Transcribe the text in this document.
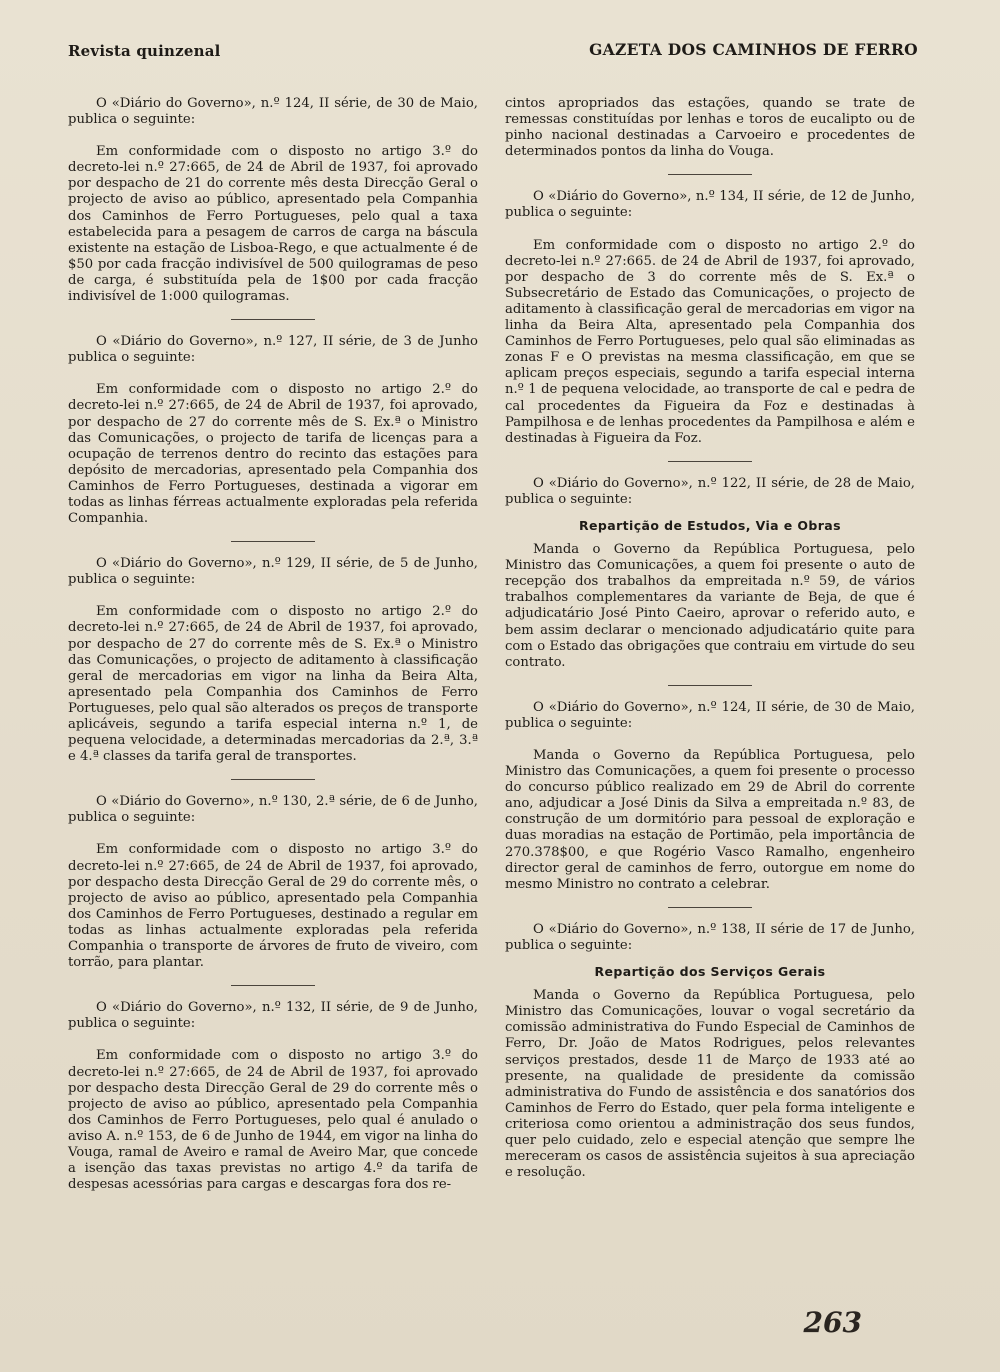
Revista quinzenal	GAZETA DOS CAMINHOS DE FERRO

O «Diário do Governo», n.º 124, II série, de 30 de Maio, publica o seguinte:

Em conformidade com o disposto no artigo 3.º do decreto-lei n.º 27:665, de 24 de Abril de 1937, foi aprovado por despacho de 21 do corrente mês desta Direcção Geral o projecto de aviso ao público, apresentado pela Companhia dos Caminhos de Ferro Portugueses, pelo qual a taxa estabelecida para a pesagem de carros de carga na báscula existente na estação de Lisboa-Rego, e que actualmente é de $50 por cada fracção indivisível de 500 quilogramas de peso de carga, é substituída pela de 1$00 por cada fracção indivisível de 1:000 quilogramas.

O «Diário do Governo», n.º 127, II série, de 3 de Junho publica o seguinte:

Em conformidade com o disposto no artigo 2.º do decreto-lei n.º 27:665, de 24 de Abril de 1937, foi aprovado, por despacho de 27 do corrente mês de S. Ex.ª o Ministro das Comunicações, o projecto de tarifa de licenças para a ocupação de terrenos dentro do recinto das estações para depósito de mercadorias, apresentado pela Companhia dos Caminhos de Ferro Portugueses, destinada a vigorar em todas as linhas férreas actualmente exploradas pela referida Companhia.

O «Diário do Governo», n.º 129, II série, de 5 de Junho, publica o seguinte:

Em conformidade com o disposto no artigo 2.º do decreto-lei n.º 27:665, de 24 de Abril de 1937, foi aprovado, por despacho de 27 do corrente mês de S. Ex.ª o Ministro das Comunicações, o projecto de aditamento à classificação geral de mercadorias em vigor na linha da Beira Alta, apresentado pela Companhia dos Caminhos de Ferro Portugueses, pelo qual são alterados os preços de transporte aplicáveis, segundo a tarifa especial interna n.º 1, de pequena velocidade, a determinadas mercadorias da 2.ª, 3.ª e 4.ª classes da tarifa geral de transportes.

O «Diário do Governo», n.º 130, 2.ª série, de 6 de Junho, publica o seguinte:

Em conformidade com o disposto no artigo 3.º do decreto-lei n.º 27:665, de 24 de Abril de 1937, foi aprovado, por despacho desta Direcção Geral de 29 do corrente mês, o projecto de aviso ao público, apresentado pela Companhia dos Caminhos de Ferro Portugueses, destinado a regular em todas as linhas actualmente exploradas pela referida Companhia o transporte de árvores de fruto de viveiro, com torrão, para plantar.

O «Diário do Governo», n.º 132, II série, de 9 de Junho, publica o seguinte:

Em conformidade com o disposto no artigo 3.º do decreto-lei n.º 27:665, de 24 de Abril de 1937, foi aprovado por despacho desta Direcção Geral de 29 do corrente mês o projecto de aviso ao público, apresentado pela Companhia dos Caminhos de Ferro Portugueses, pelo qual é anulado o aviso A. n.º 153, de 6 de Junho de 1944, em vigor na linha do Vouga, ramal de Aveiro e ramal de Aveiro Mar, que concede a isenção das taxas previstas no artigo 4.º da tarifa de despesas acessórias para cargas e descargas fora dos re-

cintos apropriados das estações, quando se trate de remessas constituídas por lenhas e toros de eucalipto ou de pinho nacional destinadas a Carvoeiro e procedentes de determinados pontos da linha do Vouga.

O «Diário do Governo», n.º 134, II série, de 12 de Junho, publica o seguinte:

Em conformidade com o disposto no artigo 2.º do decreto-lei n.º 27:665. de 24 de Abril de 1937, foi aprovado, por despacho de 3 do corrente mês de S. Ex.ª o Subsecretário de Estado das Comunicações, o projecto de aditamento à classificação geral de mercadorias em vigor na linha da Beira Alta, apresentado pela Companhia dos Caminhos de Ferro Portugueses, pelo qual são eliminadas as zonas F e O previstas na mesma classificação, em que se aplicam preços especiais, segundo a tarifa especial interna n.º 1 de pequena velocidade, ao transporte de cal e pedra de cal procedentes da Figueira da Foz e destinadas à Pampilhosa e de lenhas procedentes da Pampilhosa e além e destinadas à Figueira da Foz.

O «Diário do Governo», n.º 122, II série, de 28 de Maio, publica o seguinte:

Repartição de Estudos, Via e Obras

Manda o Governo da República Portuguesa, pelo Ministro das Comunicações, a quem foi presente o auto de recepção dos trabalhos da empreitada n.º 59, de vários trabalhos complementares da variante de Beja, de que é adjudicatário José Pinto Caeiro, aprovar o referido auto, e bem assim declarar o mencionado adjudicatário quite para com o Estado das obrigações que contraiu em virtude do seu contrato.

O «Diário do Governo», n.º 124, II série, de 30 de Maio, publica o seguinte:

Manda o Governo da República Portuguesa, pelo Ministro das Comunicações, a quem foi presente o processo do concurso público realizado em 29 de Abril do corrente ano, adjudicar a José Dinis da Silva a empreitada n.º 83, de construção de um dormitório para pessoal de exploração e duas moradias na estação de Portimão, pela importância de 270.378$00, e que Rogério Vasco Ramalho, engenheiro director geral de caminhos de ferro, outorgue em nome do mesmo Ministro no contrato a celebrar.

O «Diário do Governo», n.º 138, II série de 17 de Junho, publica o seguinte:

Repartição dos Serviços Gerais

Manda o Governo da República Portuguesa, pelo Ministro das Comunicações, louvar o vogal secretário da comissão administrativa do Fundo Especial de Caminhos de Ferro, Dr. João de Matos Rodrigues, pelos relevantes serviços prestados, desde 11 de Março de 1933 até ao presente, na qualidade de presidente da comissão administrativa do Fundo de assistência e dos sanatórios dos Caminhos de Ferro do Estado, quer pela forma inteligente e criteriosa como orientou a administração dos seus fundos, quer pelo cuidado, zelo e especial atenção que sempre lhe mereceram os casos de assistência sujeitos à sua apreciação e resolução.

263
